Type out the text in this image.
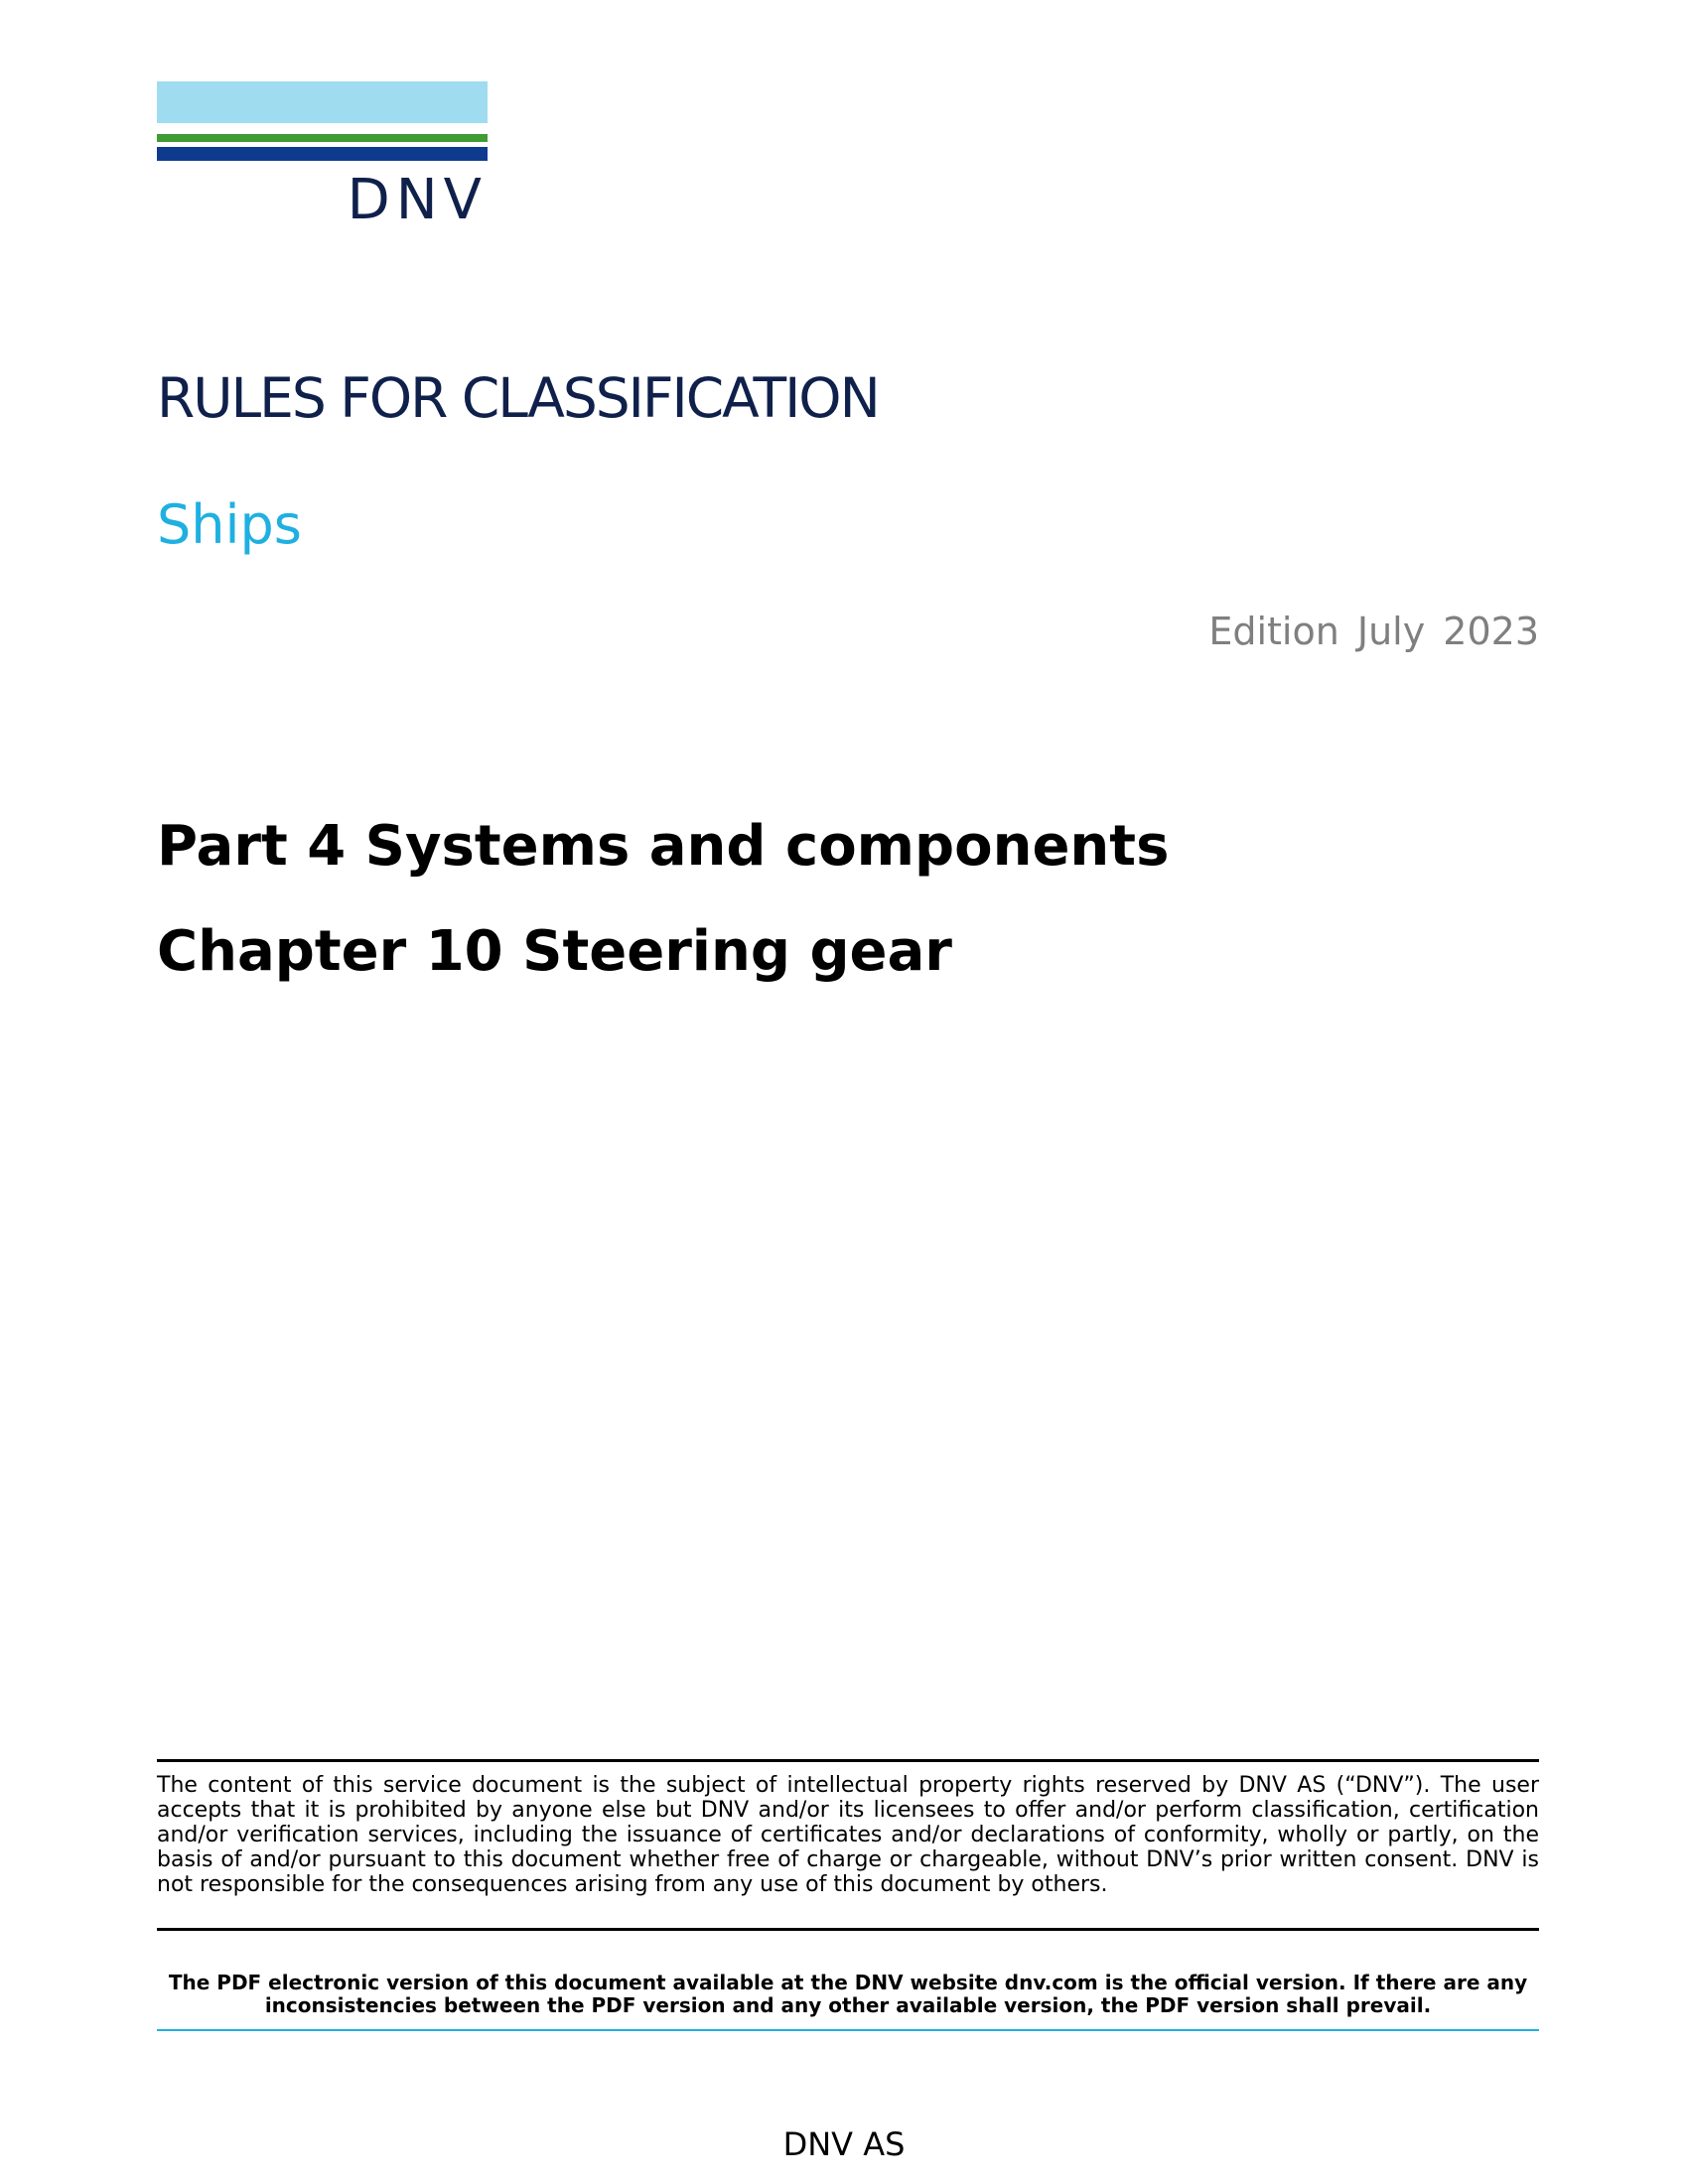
DNV
RULES FOR CLASSIFICATION
Ships
Edition July 2023
Part 4 Systems and components
Chapter 10 Steering gear
The content of this service document is the subject of intellectual property rights reserved by DNV AS (“DNV”). The user accepts that it is prohibited by anyone else but DNV and/or its licensees to offer and/or perform classification, certification and/or verification services, including the issuance of certificates and/or declarations of conformity, wholly or partly, on the basis of and/or pursuant to this document whether free of charge or chargeable, without DNV’s prior written consent. DNV is not responsible for the consequences arising from any use of this document by others.
The PDF electronic version of this document available at the DNV website dnv.com is the official version. If there are any inconsistencies between the PDF version and any other available version, the PDF version shall prevail.
DNV AS
